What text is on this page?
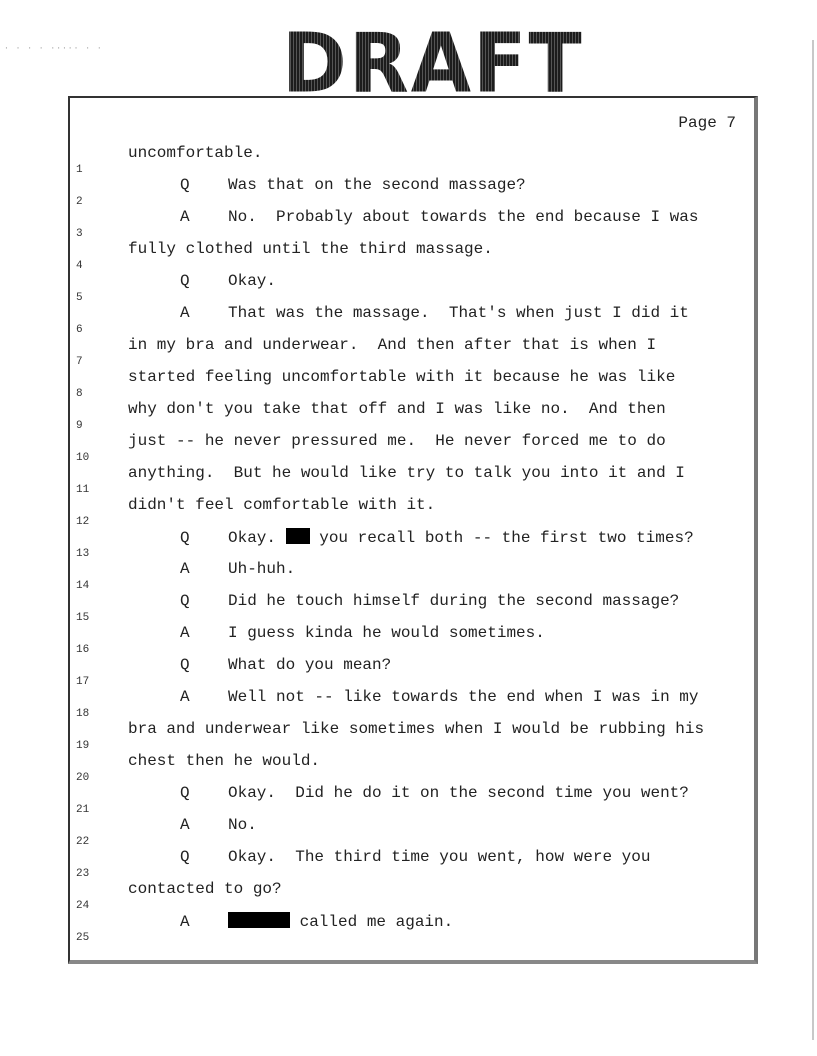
· · · · ····· · · DRAFT
Page 7

1

uncomfortable.

2

Q Was that on the second massage?

3

A No.  Probably about towards the end because I was

4

fully clothed until the third massage.

5

Q Okay.

6

A That was the massage.  That's when just I did it

7

in my bra and underwear.  And then after that is when I

8

started feeling uncomfortable with it because he was like

9

why don't you take that off and I was like no.  And then

10

just -- he never pressured me.  He never forced me to do

11

anything.  But he would like try to talk you into it and I

12

didn't feel comfortable with it.

13

Q Okay.  you recall both -- the first two times?

14

A Uh-huh.

15

Q Did he touch himself during the second massage?

16

A I guess kinda he would sometimes.

17

Q What do you mean?

18

A Well not -- like towards the end when I was in my

19

bra and underwear like sometimes when I would be rubbing his

20

chest then he would.

21

Q Okay.  Did he do it on the second time you went?

22

A No.

23

Q Okay.  The third time you went, how were you

24

contacted to go?

25

A	called me again.
